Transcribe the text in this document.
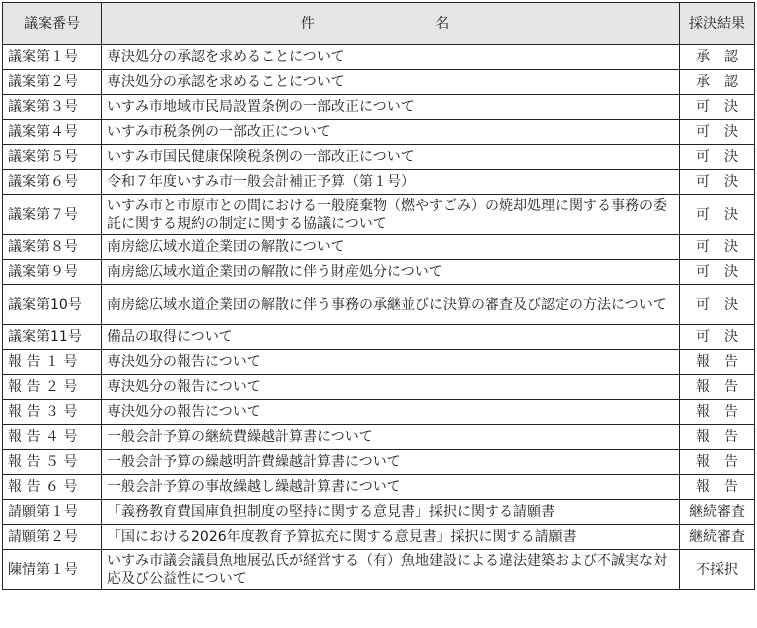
議案番号	件　　名	採決結果
議案第１号	専決処分の承認を求めることについて	承　認
議案第２号	専決処分の承認を求めることについて	承　認
議案第３号	いすみ市地域市民局設置条例の一部改正について	可　決
議案第４号	いすみ市税条例の一部改正について	可　決
議案第５号	いすみ市国民健康保険税条例の一部改正について	可　決
議案第６号	令和７年度いすみ市一般会計補正予算（第１号）	可　決
議案第７号	いすみ市と市原市との間における一般廃棄物（燃やすごみ）の焼却処理に関する事務の委託に関する規約の制定に関する協議について	可　決
議案第８号	南房総広域水道企業団の解散について	可　決
議案第９号	南房総広域水道企業団の解散に伴う財産処分について	可　決
議案第10号	南房総広域水道企業団の解散に伴う事務の承継並びに決算の審査及び認定の方法について	可　決
議案第11号	備品の取得について	可　決
報 告 １ 号	専決処分の報告について	報　告
報 告 ２ 号	専決処分の報告について	報　告
報 告 ３ 号	専決処分の報告について	報　告
報 告 ４ 号	一般会計予算の継続費繰越計算書について	報　告
報 告 ５ 号	一般会計予算の繰越明許費繰越計算書について	報　告
報 告 ６ 号	一般会計予算の事故繰越し繰越計算書について	報　告
請願第１号	「義務教育費国庫負担制度の堅持に関する意見書」採択に関する請願書	継続審査
請願第２号	「国における2026年度教育予算拡充に関する意見書」採択に関する請願書	継続審査
陳情第１号	いすみ市議会議員魚地展弘氏が経営する（有）魚地建設による違法建築および不誠実な対応及び公益性について	不採択
